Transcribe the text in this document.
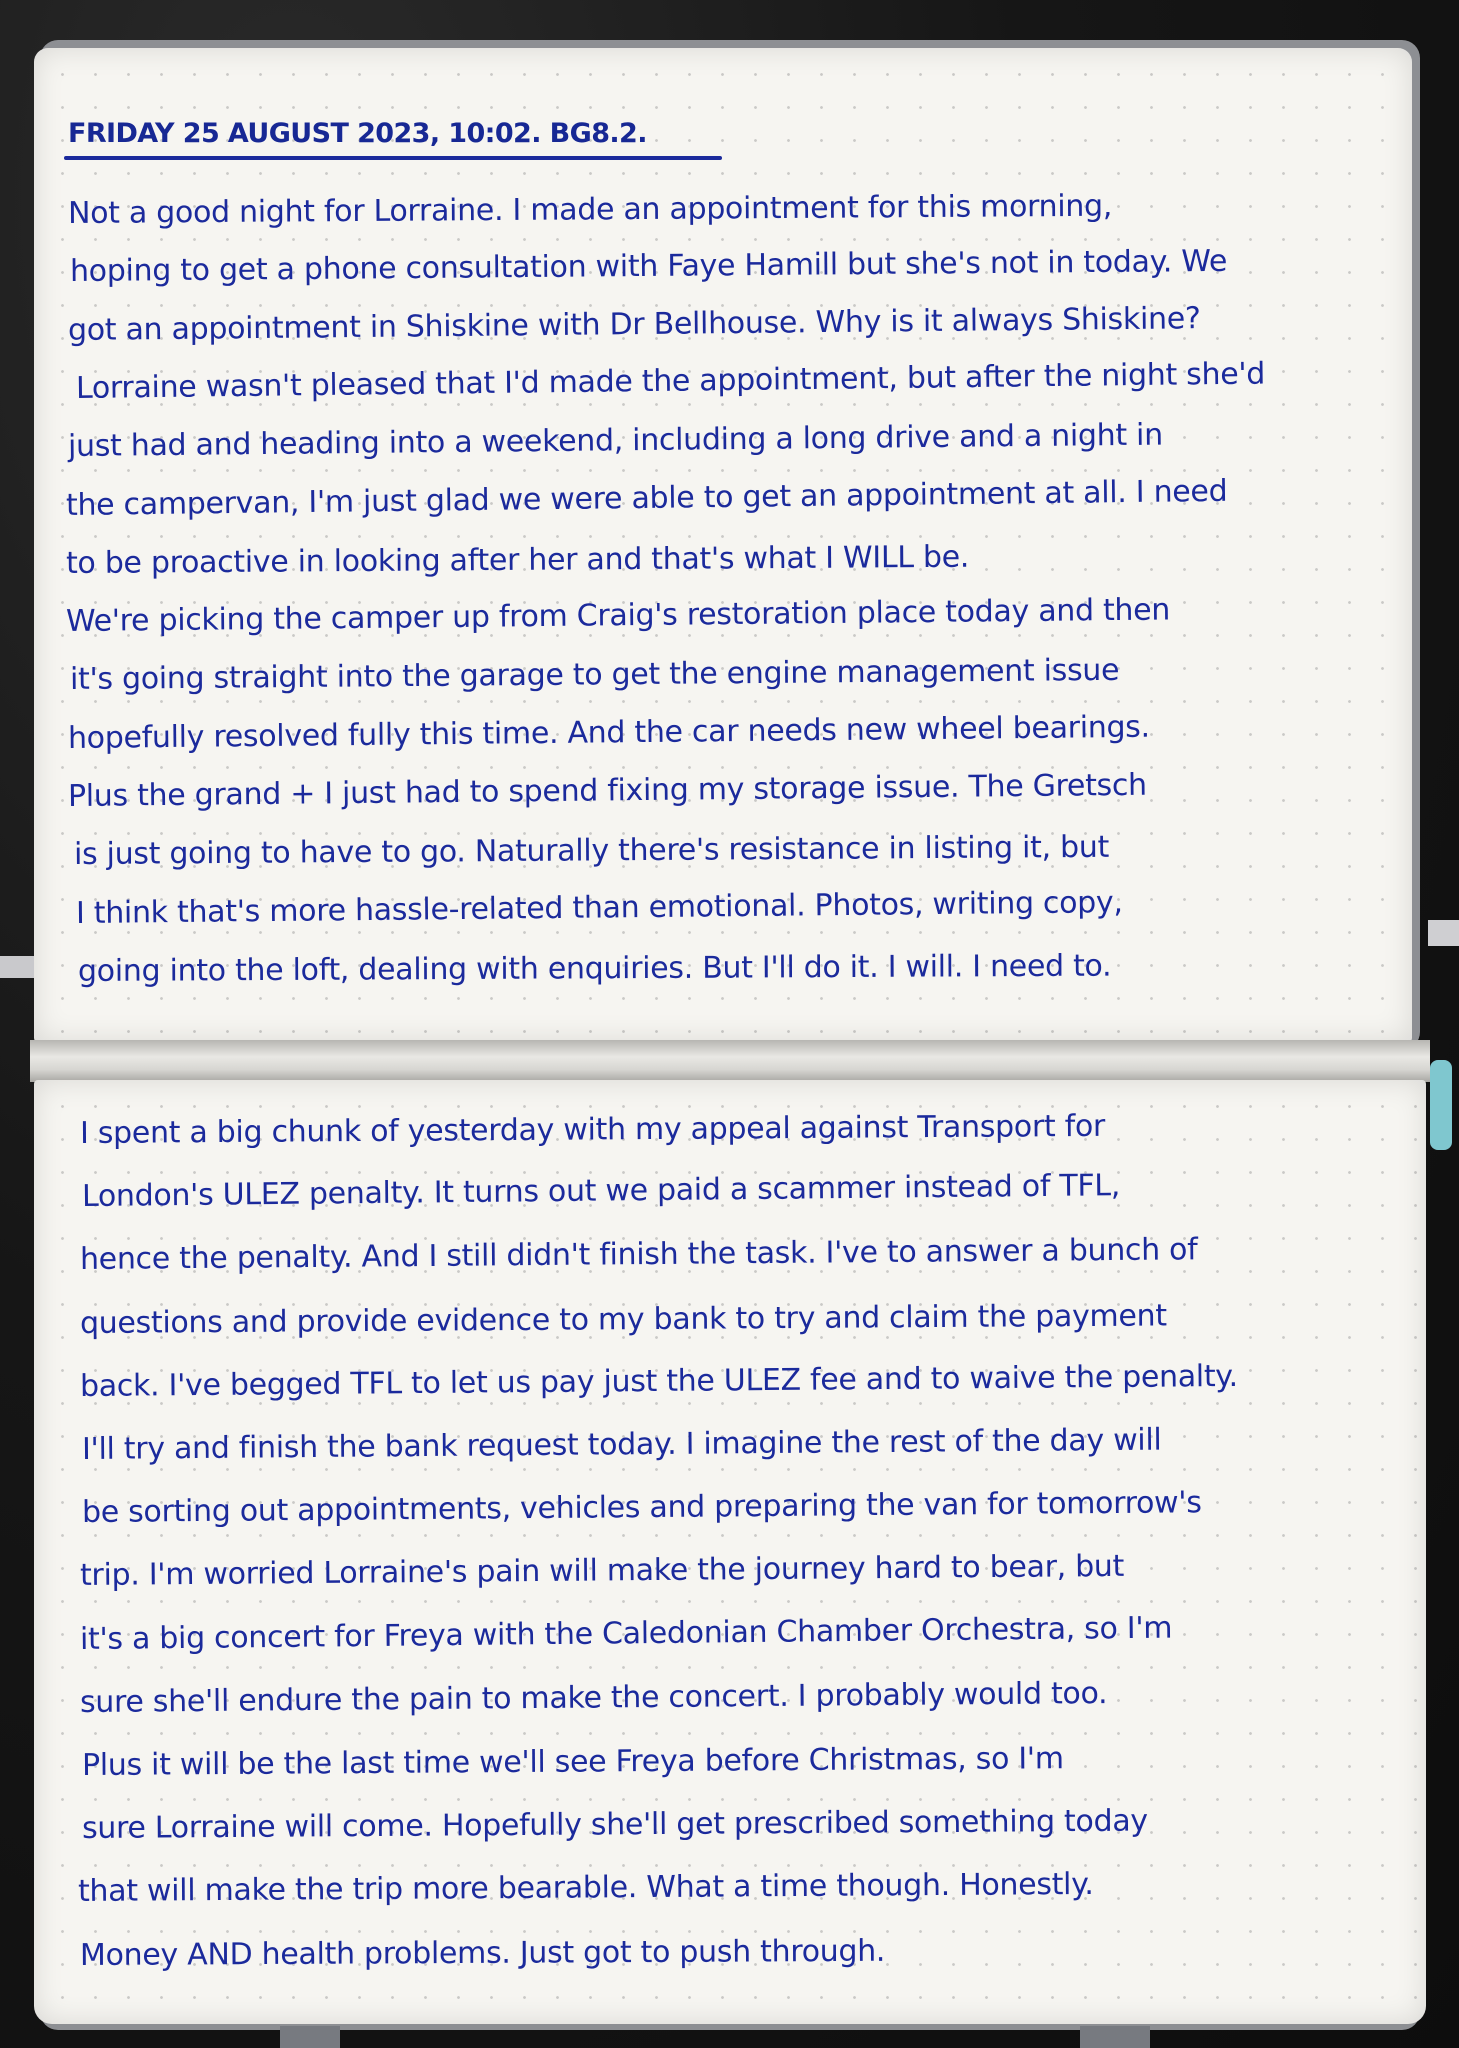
FRIDAY 25 AUGUST 2023, 10:02. BG8.2.
Not a good night for Lorraine. I made an appointment for this morning,
hoping to get a phone consultation with Faye Hamill but she's not in today. We
got an appointment in Shiskine with Dr Bellhouse. Why is it always Shiskine?
Lorraine wasn't pleased that I'd made the appointment, but after the night she'd
just had and heading into a weekend, including a long drive and a night in
the campervan, I'm just glad we were able to get an appointment at all. I need
to be proactive in looking after her and that's what I WILL be.
We're picking the camper up from Craig's restoration place today and then
it's going straight into the garage to get the engine management issue
hopefully resolved fully this time. And the car needs new wheel bearings.
Plus the grand + I just had to spend fixing my storage issue. The Gretsch
is just going to have to go. Naturally there's resistance in listing it, but
I think that's more hassle-related than emotional. Photos, writing copy,
going into the loft, dealing with enquiries. But I'll do it. I will. I need to.
I spent a big chunk of yesterday with my appeal against Transport for
London's ULEZ penalty. It turns out we paid a scammer instead of TFL,
hence the penalty. And I still didn't finish the task. I've to answer a bunch of
questions and provide evidence to my bank to try and claim the payment
back. I've begged TFL to let us pay just the ULEZ fee and to waive the penalty.
I'll try and finish the bank request today. I imagine the rest of the day will
be sorting out appointments, vehicles and preparing the van for tomorrow's
trip. I'm worried Lorraine's pain will make the journey hard to bear, but
it's a big concert for Freya with the Caledonian Chamber Orchestra, so I'm
sure she'll endure the pain to make the concert. I probably would too.
Plus it will be the last time we'll see Freya before Christmas, so I'm
sure Lorraine will come. Hopefully she'll get prescribed something today
that will make the trip more bearable. What a time though. Honestly.
Money AND health problems. Just got to push through.
